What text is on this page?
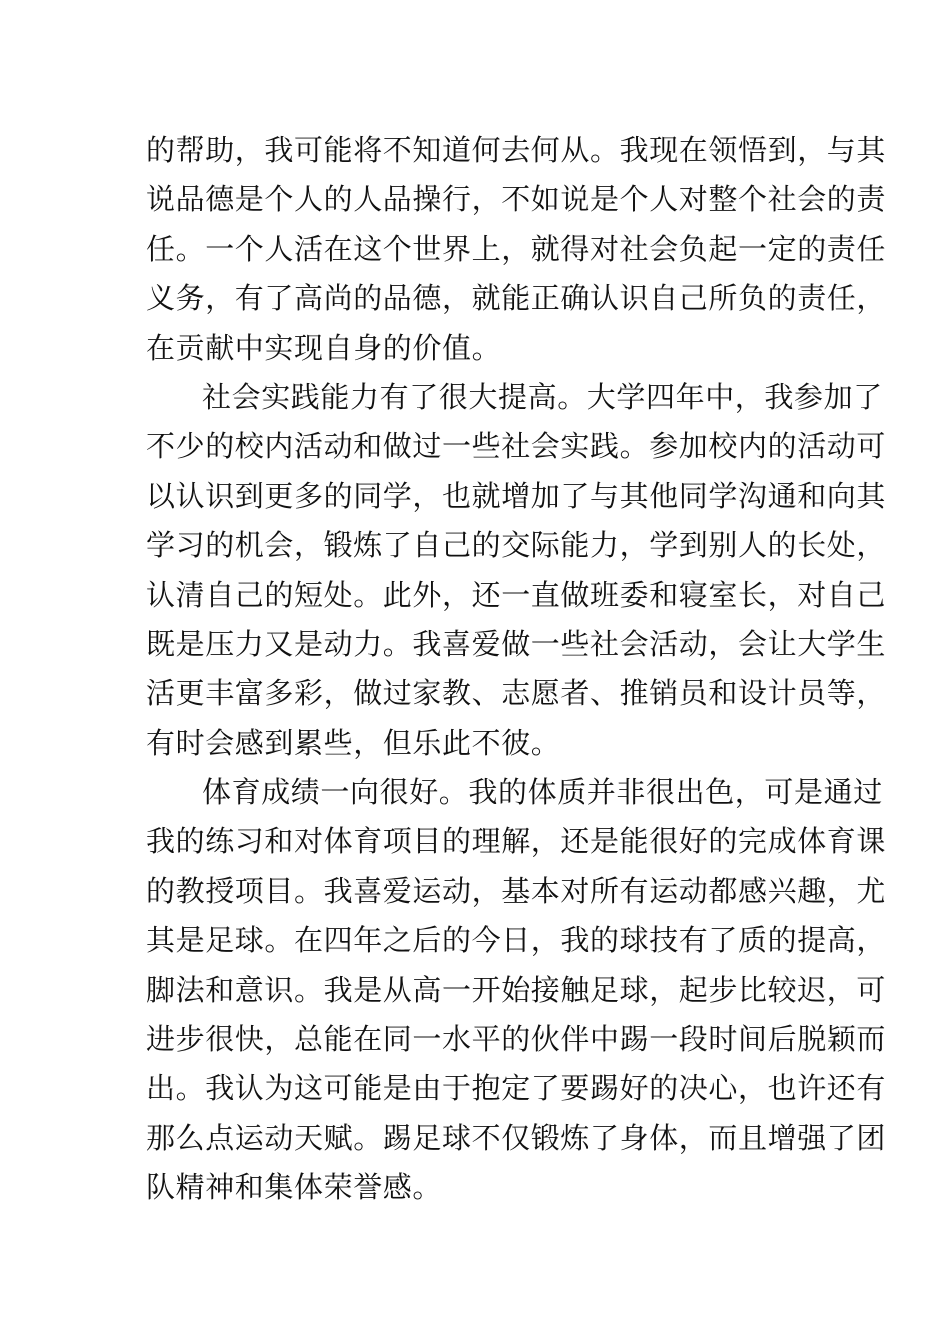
的帮助，我可能将不知道何去何从。我现在领悟到，与其
说品德是个人的人品操行，不如说是个人对整个社会的责
任。一个人活在这个世界上，就得对社会负起一定的责任
义务，有了高尚的品德，就能正确认识自己所负的责任，
在贡献中实现自身的价值。
社会实践能力有了很大提高。大学四年中，我参加了
不少的校内活动和做过一些社会实践。参加校内的活动可
以认识到更多的同学，也就增加了与其他同学沟通和向其
学习的机会，锻炼了自己的交际能力，学到别人的长处，
认清自己的短处。此外，还一直做班委和寝室长，对自己
既是压力又是动力。我喜爱做一些社会活动，会让大学生
活更丰富多彩，做过家教、志愿者、推销员和设计员等，
有时会感到累些，但乐此不彼。
体育成绩一向很好。我的体质并非很出色，可是通过
我的练习和对体育项目的理解，还是能很好的完成体育课
的教授项目。我喜爱运动，基本对所有运动都感兴趣，尤
其是足球。在四年之后的今日，我的球技有了质的提高，
脚法和意识。我是从高一开始接触足球，起步比较迟，可
进步很快，总能在同一水平的伙伴中踢一段时间后脱颖而
出。我认为这可能是由于抱定了要踢好的决心，也许还有
那么点运动天赋。踢足球不仅锻炼了身体，而且增强了团
队精神和集体荣誉感。
